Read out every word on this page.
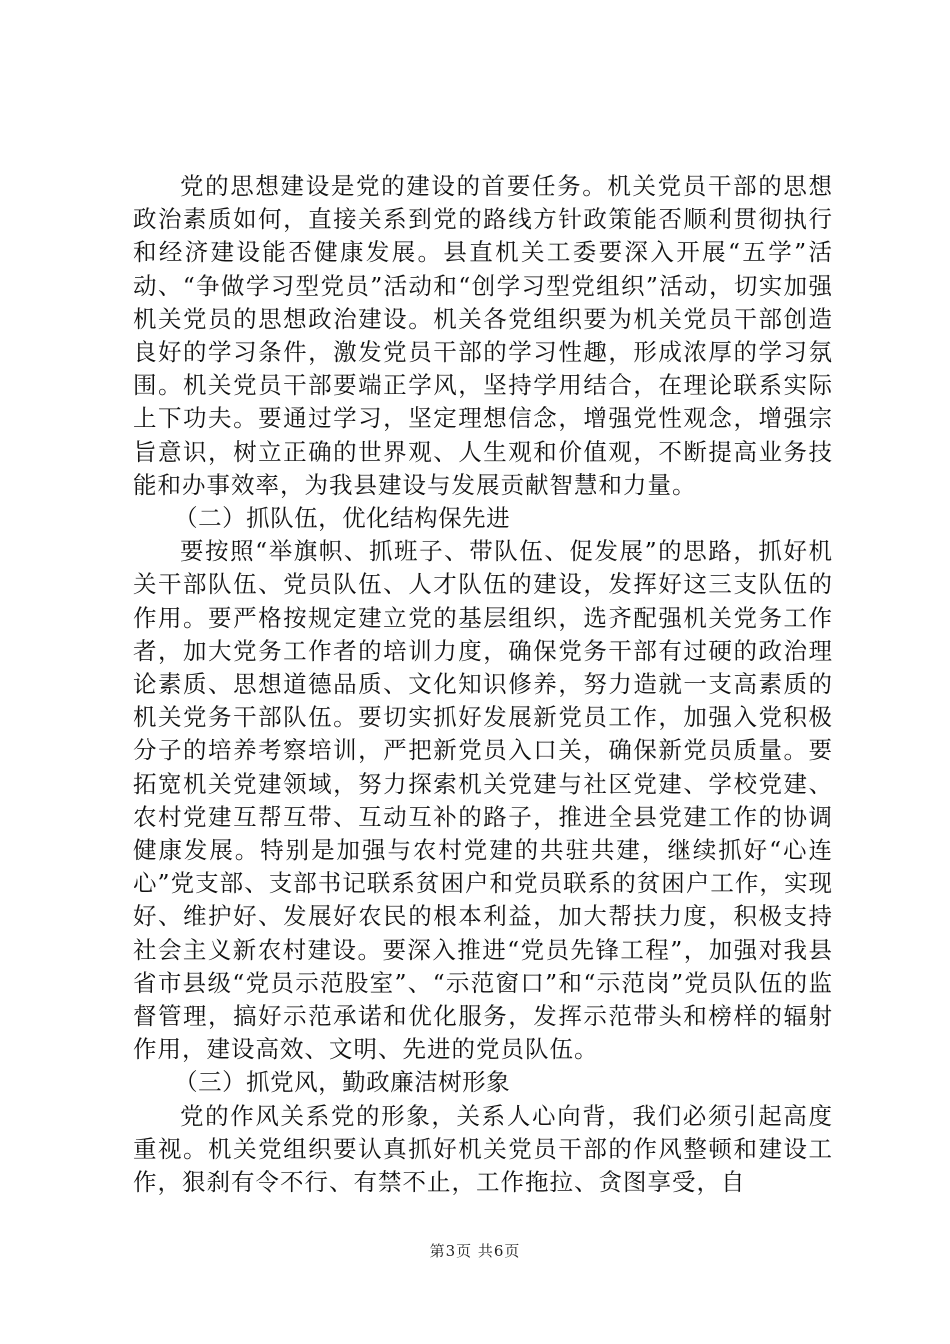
党的思想建设是党的建设的首要任务。机关党员干部的思想政治素质如何，直接关系到党的路线方针政策能否顺利贯彻执行和经济建设能否健康发展。县直机关工委要深入开展“五学”活动、“争做学习型党员”活动和“创学习型党组织”活动，切实加强机关党员的思想政治建设。机关各党组织要为机关党员干部创造良好的学习条件，激发党员干部的学习性趣，形成浓厚的学习氛围。机关党员干部要端正学风，坚持学用结合，在理论联系实际上下功夫。要通过学习，坚定理想信念，增强党性观念，增强宗旨意识，树立正确的世界观、人生观和价值观，不断提高业务技能和办事效率，为我县建设与发展贡献智慧和力量。

（二）抓队伍，优化结构保先进

要按照“举旗帜、抓班子、带队伍、促发展”的思路，抓好机关干部队伍、党员队伍、人才队伍的建设，发挥好这三支队伍的作用。要严格按规定建立党的基层组织，选齐配强机关党务工作者，加大党务工作者的培训力度，确保党务干部有过硬的政治理论素质、思想道德品质、文化知识修养，努力造就一支高素质的机关党务干部队伍。要切实抓好发展新党员工作，加强入党积极分子的培养考察培训，严把新党员入口关，确保新党员质量。要拓宽机关党建领域，努力探索机关党建与社区党建、学校党建、农村党建互帮互带、互动互补的路子，推进全县党建工作的协调健康发展。特别是加强与农村党建的共驻共建，继续抓好“心连心”党支部、支部书记联系贫困户和党员联系的贫困户工作，实现好、维护好、发展好农民的根本利益，加大帮扶力度，积极支持社会主义新农村建设。要深入推进“党员先锋工程”，加强对我县省市县级“党员示范股室”、“示范窗口”和“示范岗”党员队伍的监督管理，搞好示范承诺和优化服务，发挥示范带头和榜样的辐射作用，建设高效、文明、先进的党员队伍。

（三）抓党风，勤政廉洁树形象

党的作风关系党的形象，关系人心向背，我们必须引起高度重视。机关党组织要认真抓好机关党员干部的作风整顿和建设工作，狠刹有令不行、有禁不止，工作拖拉、贪图享受，自

第3页 共6页
